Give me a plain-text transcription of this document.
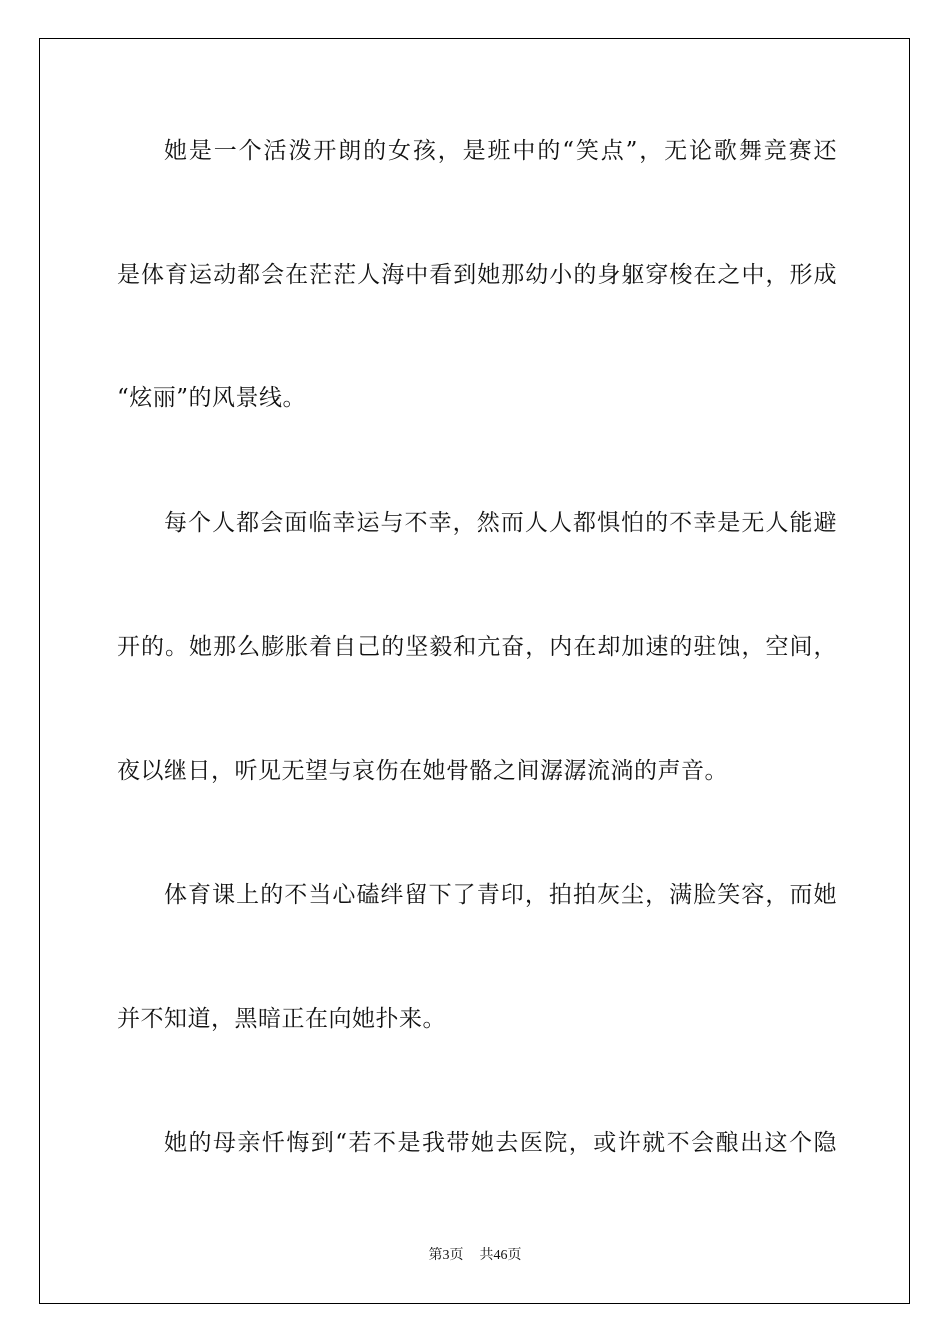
她是一个活泼开朗的女孩，是班中的“笑点”，无论歌舞竞赛还
是体育运动都会在茫茫人海中看到她那幼小的身躯穿梭在之中，形成
“炫丽”的风景线。
每个人都会面临幸运与不幸，然而人人都惧怕的不幸是无人能避
开的。她那么膨胀着自己的坚毅和亢奋，内在却加速的驻蚀，空间，
夜以继日，听见无望与哀伤在她骨骼之间潺潺流淌的声音。
体育课上的不当心磕绊留下了青印，拍拍灰尘，满脸笑容，而她
并不知道，黑暗正在向她扑来。
她的母亲忏悔到“若不是我带她去医院，或许就不会酿出这个隐
第3页 共46页
